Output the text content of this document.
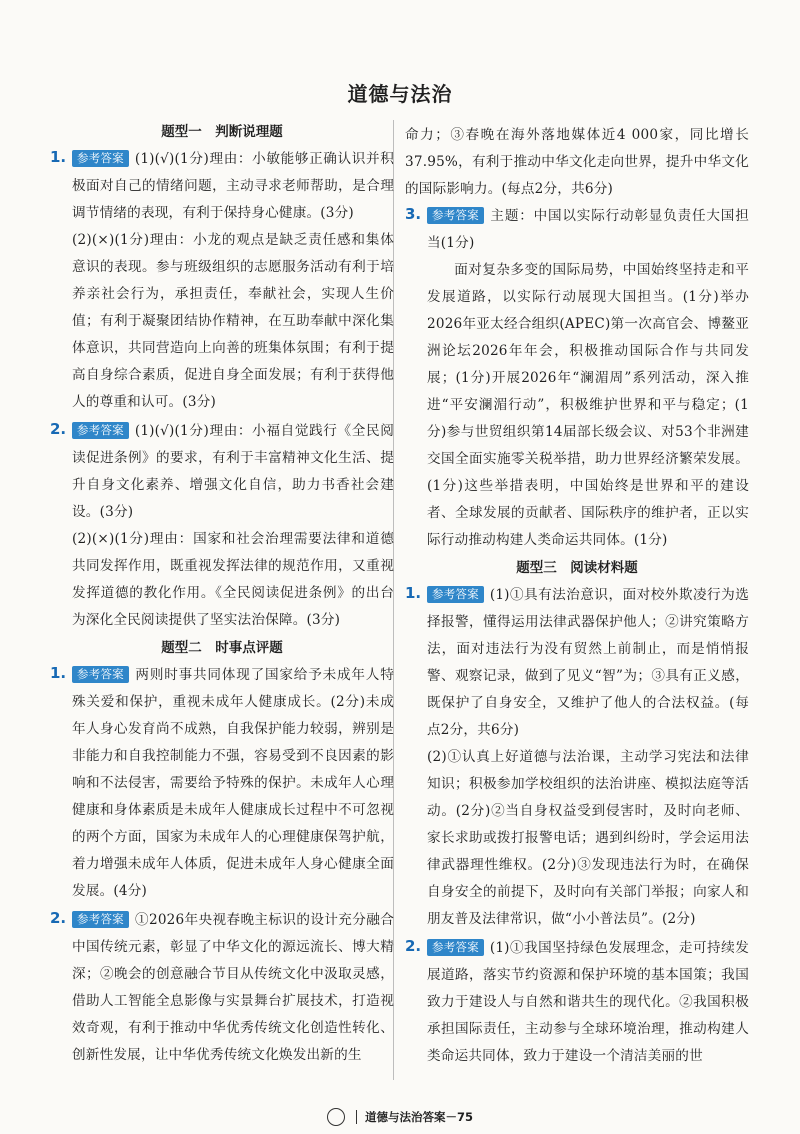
道德与法治
题型一　判断说理题
1. 参考答案 (1)(√)(1分)理由：小敏能够正确认识并积极面对自己的情绪问题，主动寻求老师帮助，是合理调节情绪的表现，有利于保持身心健康。(3分)

(2)(×)(1分)理由：小龙的观点是缺乏责任感和集体意识的表现。参与班级组织的志愿服务活动有利于培养亲社会行为，承担责任，奉献社会，实现人生价值；有利于凝聚团结协作精神，在互助奉献中深化集体意识，共同营造向上向善的班集体氛围；有利于提高自身综合素质，促进自身全面发展；有利于获得他人的尊重和认可。(3分)

2. 参考答案 (1)(√)(1分)理由：小福自觉践行《全民阅读促进条例》的要求，有利于丰富精神文化生活、提升自身文化素养、增强文化自信，助力书香社会建设。(3分)

(2)(×)(1分)理由：国家和社会治理需要法律和道德共同发挥作用，既重视发挥法律的规范作用，又重视发挥道德的教化作用。《全民阅读促进条例》的出台为深化全民阅读提供了坚实法治保障。(3分)

题型二　时事点评题
1. 参考答案 两则时事共同体现了国家给予未成年人特殊关爱和保护，重视未成年人健康成长。(2分)未成年人身心发育尚不成熟，自我保护能力较弱，辨别是非能力和自我控制能力不强，容易受到不良因素的影响和不法侵害，需要给予特殊的保护。未成年人心理健康和身体素质是未成年人健康成长过程中不可忽视的两个方面，国家为未成年人的心理健康保驾护航，着力增强未成年人体质，促进未成年人身心健康全面发展。(4分)

2. 参考答案 ①2026年央视春晚主标识的设计充分融合中国传统元素，彰显了中华文化的源远流长、博大精深；②晚会的创意融合节目从传统文化中汲取灵感，借助人工智能全息影像与实景舞台扩展技术，打造视效奇观，有利于推动中华优秀传统文化创造性转化、创新性发展，让中华优秀传统文化焕发出新的生

命力；③春晚在海外落地媒体近4 000家，同比增长37.95%，有利于推动中华文化走向世界，提升中华文化的国际影响力。(每点2分，共6分)

3. 参考答案 主题：中国以实际行动彰显负责任大国担当(1分)

面对复杂多变的国际局势，中国始终坚持走和平发展道路，以实际行动展现大国担当。(1分)举办2026年亚太经合组织(APEC)第一次高官会、博鳌亚洲论坛2026年年会，积极推动国际合作与共同发展；(1分)开展2026年“澜湄周”系列活动，深入推进“平安澜湄行动”，积极维护世界和平与稳定；(1分)参与世贸组织第14届部长级会议、对53个非洲建交国全面实施零关税举措，助力世界经济繁荣发展。(1分)这些举措表明，中国始终是世界和平的建设者、全球发展的贡献者、国际秩序的维护者，正以实际行动推动构建人类命运共同体。(1分)

题型三　阅读材料题
1. 参考答案 (1)①具有法治意识，面对校外欺凌行为选择报警，懂得运用法律武器保护他人；②讲究策略方法，面对违法行为没有贸然上前制止，而是悄悄报警、观察记录，做到了见义“智”为；③具有正义感，既保护了自身安全，又维护了他人的合法权益。(每点2分，共6分)

(2)①认真上好道德与法治课，主动学习宪法和法律知识；积极参加学校组织的法治讲座、模拟法庭等活动。(2分)②当自身权益受到侵害时，及时向老师、家长求助或拨打报警电话；遇到纠纷时，学会运用法律武器理性维权。(2分)③发现违法行为时，在确保自身安全的前提下，及时向有关部门举报；向家人和朋友普及法律常识，做“小小普法员”。(2分)

2. 参考答案 (1)①我国坚持绿色发展理念，走可持续发展道路，落实节约资源和保护环境的基本国策；我国致力于建设人与自然和谐共生的现代化。②我国积极承担国际责任，主动参与全球环境治理，推动构建人类命运共同体，致力于建设一个清洁美丽的世

道德与法治答案－75
